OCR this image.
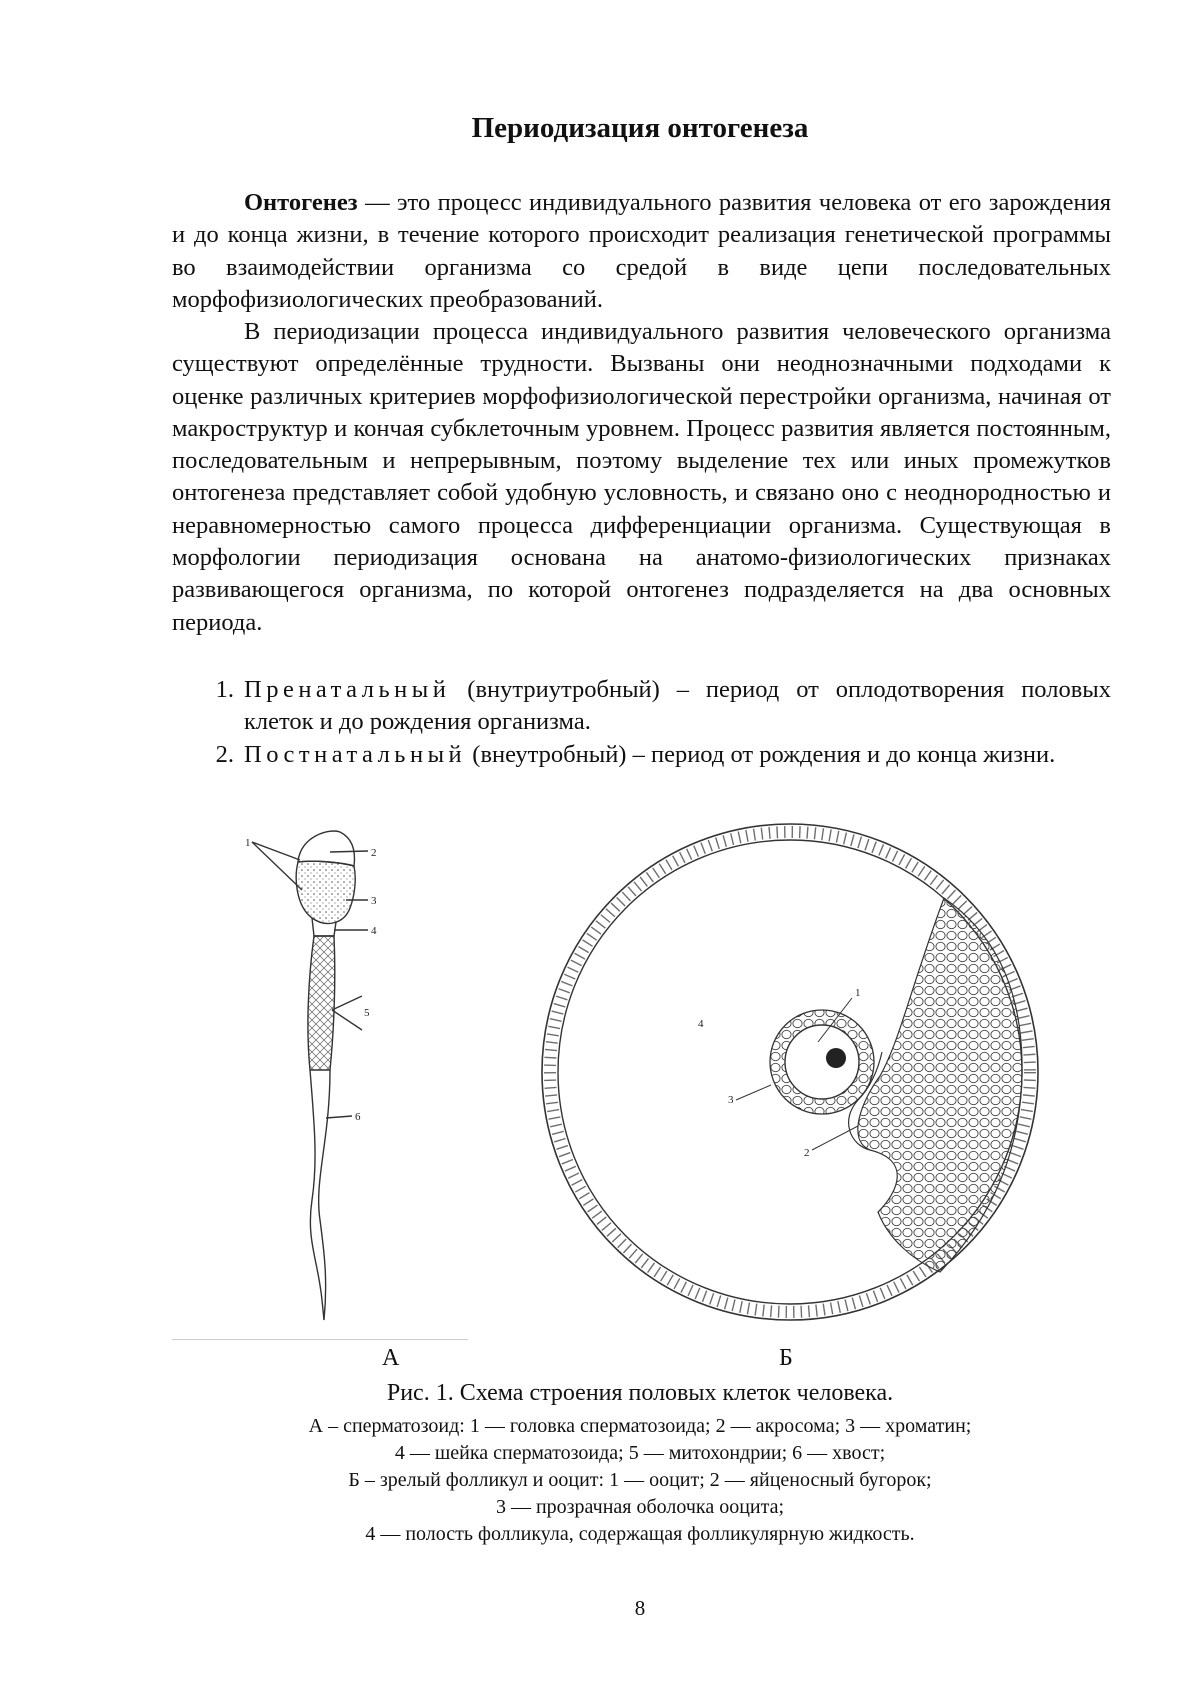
Периодизация онтогенеза
Онтогенез — это процесс индивидуального развития человека от его зарождения и до конца жизни, в течение которого происходит реализация генетической программы во взаимодействии организма со средой в виде цепи последовательных морфофизиологических преобразований.
В периодизации процесса индивидуального развития человеческого организма существуют определённые трудности. Вызваны они неоднозначными подходами к оценке различных критериев морфофизиологической перестройки организма, начиная от макроструктур и кончая субклеточным уровнем. Процесс развития является постоянным, последовательным и непрерывным, поэтому выделение тех или иных промежутков онтогенеза представляет собой удобную условность, и связано оно с неоднородностью и неравномерностью самого процесса дифференциации организма. Существующая в морфологии периодизация основана на анатомо-физиологических признаках развивающегося организма, по которой онтогенез подразделяется на два основных периода.
1. Пренатальный (внутриутробный) – период от оплодотворения половых клеток и до рождения организма.
2. Постнатальный (внеутробный) – период от рождения и до конца жизни.
1
2
3
4
5
6
1
2
3
4
А	Б
Рис. 1. Схема строения половых клеток человека.
А – сперматозоид: 1 — головка сперматозоида; 2 — акросома; 3 — хроматин;
4 — шейка сперматозоида; 5 — митохондрии; 6 — хвост;
Б – зрелый фолликул и ооцит: 1 — ооцит; 2 — яйценосный бугорок;
3 — прозрачная оболочка ооцита;
4 — полость фолликула, содержащая фолликулярную жидкость.
8
